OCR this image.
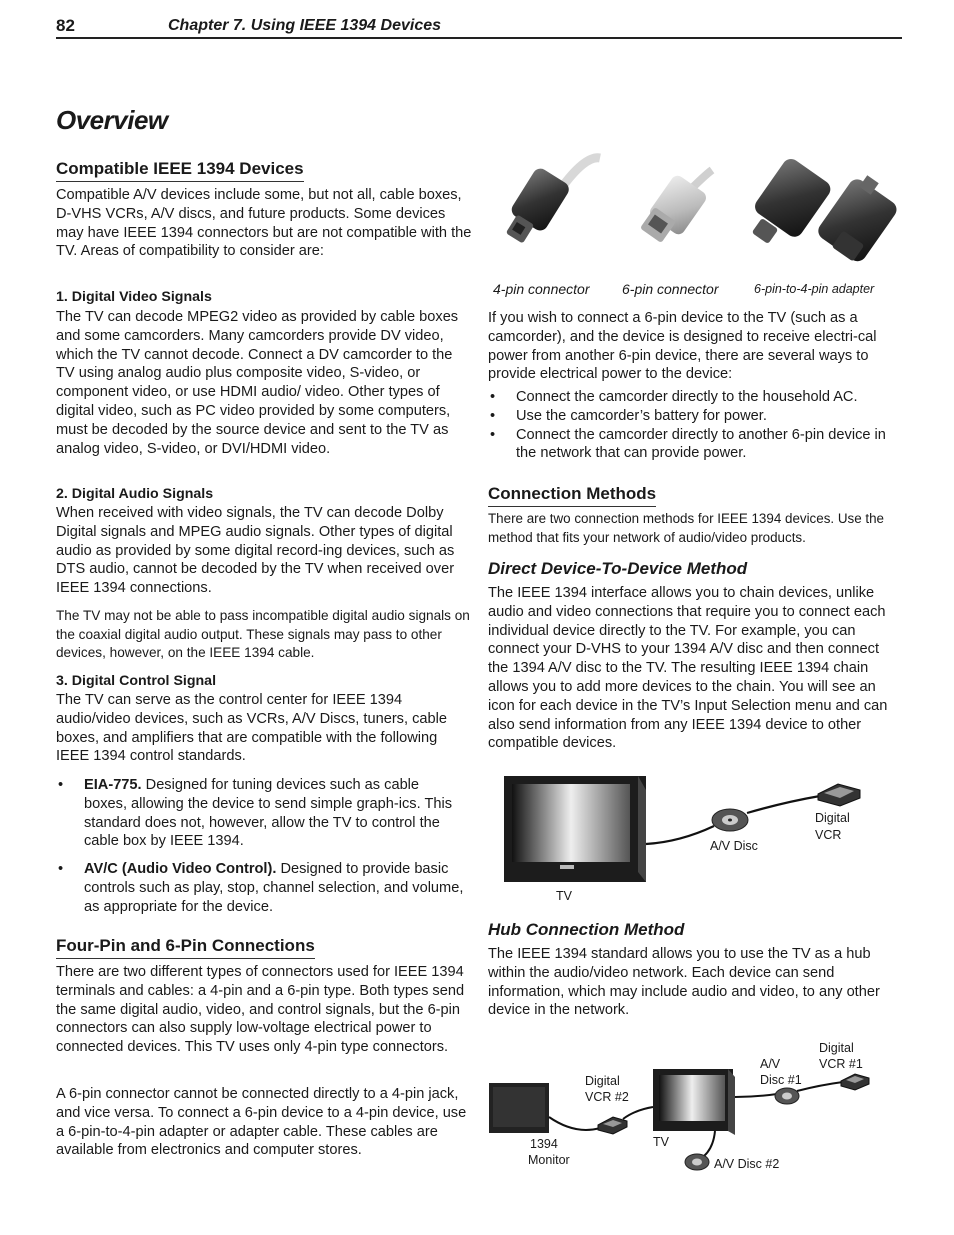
82	Chapter 7. Using IEEE 1394 Devices
Overview
Compatible IEEE 1394 Devices
Compatible A/V devices include some, but not all, cable boxes, D-VHS VCRs, A/V discs, and future products. Some devices may have IEEE 1394 connectors but are not compatible with the TV. Areas of compatibility to consider are:
1. Digital Video Signals
The TV can decode MPEG2 video as provided by cable boxes and some camcorders. Many camcorders provide DV video, which the TV cannot decode. Connect a DV camcorder to the TV using analog audio plus composite video, S-video, or component video, or use HDMI audio/ video. Other types of digital video, such as PC video provided by some computers, must be decoded by the source device and sent to the TV as analog video, S-video, or DVI/HDMI video.
2. Digital Audio Signals
When received with video signals, the TV can decode Dolby Digital signals and MPEG audio signals. Other types of digital audio as provided by some digital record-ing devices, such as DTS audio, cannot be decoded by the TV when received over IEEE 1394 connections.
The TV may not be able to pass incompatible digital audio signals on the coaxial digital audio output. These signals may pass to other devices, however, on the IEEE 1394 cable.
3. Digital Control Signal
The TV can serve as the control center for IEEE 1394 audio/video devices, such as VCRs, A/V Discs, tuners, cable boxes, and amplifiers that are compatible with the following IEEE 1394 control standards.
• EIA-775. Designed for tuning devices such as cable boxes, allowing the device to send simple graph-ics. This standard does not, however, allow the TV to control the cable box by IEEE 1394.
• AV/C (Audio Video Control). Designed to provide basic controls such as play, stop, channel selection, and volume, as appropriate for the device.
Four-Pin and 6-Pin Connections
There are two different types of connectors used for IEEE 1394 terminals and cables: a 4-pin and a 6-pin type. Both types send the same digital audio, video, and control signals, but the 6-pin connectors can also supply low-voltage electrical power to connected devices. This TV uses only 4-pin type connectors.
A 6-pin connector cannot be connected directly to a 4-pin jack, and vice versa. To connect a 6-pin device to a 4-pin device, use a 6-pin-to-4-pin adapter or adapter cable. These cables are available from electronics and computer stores.
4-pin connector 6-pin connector	6-pin-to-4-pin adapter
If you wish to connect a 6-pin device to the TV (such as a camcorder), and the device is designed to receive electri-cal power from another 6-pin device, there are several ways to provide electrical power to the device:
• Connect the camcorder directly to the household AC.
• Use the camcorder’s battery for power.
• Connect the camcorder directly to another 6-pin device in the network that can provide power.
Connection Methods
There are two connection methods for IEEE 1394 devices. Use the method that fits your network of audio/video products.
Direct Device-To-Device Method
The IEEE 1394 interface allows you to chain devices, unlike audio and video connections that require you to connect each individual device directly to the TV. For example, you can connect your D-VHS to your 1394 A/V disc and then connect the 1394 A/V disc to the TV. The resulting IEEE 1394 chain allows you to add more devices to the chain. You will see an icon for each device in the TV’s Input Selection menu and can also send information from any IEEE 1394 device to other compatible devices.
A/V Disc
Digital
VCR
TV
Hub Connection Method
The IEEE 1394 standard allows you to use the TV as a hub within the audio/video network. Each device can send information, which may include audio and video, to any other device in the network.
1394
Monitor
Digital
VCR #2
TV
A/V
Disc #1
Digital
VCR #1
A/V Disc #2
